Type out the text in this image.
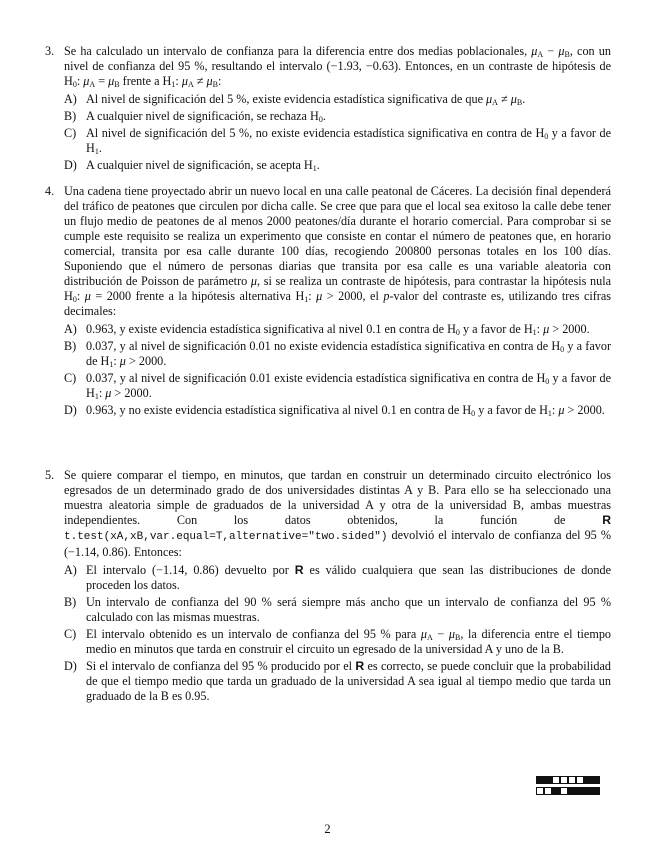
3. Se ha calculado un intervalo de confianza para la diferencia entre dos medias poblacionales, $\mu_A - \mu_B$, con un nivel de confianza del 95 %, resultando el intervalo (−1.93, −0.63). Entonces, en un contraste de hipótesis de $H_0$: $\mu_A = \mu_B$ frente a $H_1$: $\mu_A \ne \mu_B$:
A) Al nivel de significación del 5 %, existe evidencia estadística significativa de que $\mu_A \ne \mu_B$.
B) A cualquier nivel de significación, se rechaza $H_0$.
C) Al nivel de significación del 5 %, no existe evidencia estadística significativa en contra de $H_0$ y a favor de $H_1$.
D) A cualquier nivel de significación, se acepta $H_1$.
4. Una cadena tiene proyectado abrir un nuevo local en una calle peatonal de Cáceres. La decisión final dependerá del tráfico de peatones que circulen por dicha calle. Se cree que para que el local sea exitoso la calle debe tener un flujo medio de peatones de al menos 2000 peatones/día durante el horario comercial. Para comprobar si se cumple este requisito se realiza un experimento que consiste en contar el número de peatones que, en horario comercial, transita por esa calle durante 100 días, recogiendo 200800 personas totales en los 100 días. Suponiendo que el número de personas diarias que transita por esa calle es una variable aleatoria con distribución de Poisson de parámetro μ, si se realiza un contraste de hipótesis, para contrastar la hipótesis nula $H_0$: μ = 2000 frente a la hipótesis alternativa $H_1$: μ > 2000, el p-valor del contraste es, utilizando tres cifras decimales:
A) 0.963, y existe evidencia estadística significativa al nivel 0.1 en contra de $H_0$ y a favor de $H_1$: μ > 2000.
B) 0.037, y al nivel de significación 0.01 no existe evidencia estadística significativa en contra de $H_0$ y a favor de $H_1$: μ > 2000.
C) 0.037, y al nivel de significación 0.01 existe evidencia estadística significativa en contra de $H_0$ y a favor de $H_1$: μ > 2000.
D) 0.963, y no existe evidencia estadística significativa al nivel 0.1 en contra de $H_0$ y a favor de $H_1$: μ > 2000.
5. Se quiere comparar el tiempo, en minutos, que tardan en construir un determinado circuito electrónico los egresados de un determinado grado de dos universidades distintas A y B. Para ello se ha seleccionado una muestra aleatoria simple de graduados de la universidad A y otra de la universidad B, ambas muestras independientes. Con los datos obtenidos, la función de R t.test(xA,xB,var.equal=T,alternative="two.sided") devolvió el intervalo de confianza del 95 % (−1.14, 0.86). Entonces:
A) El intervalo (−1.14, 0.86) devuelto por R es válido cualquiera que sean las distribuciones de donde proceden los datos.
B) Un intervalo de confianza del 90 % será siempre más ancho que un intervalo de confianza del 95 % calculado con las mismas muestras.
C) El intervalo obtenido es un intervalo de confianza del 95 % para $\mu_A - \mu_B$, la diferencia entre el tiempo medio en minutos que tarda en construir el circuito un egresado de la universidad A y uno de la B.
D) Si el intervalo de confianza del 95 % producido por el R es correcto, se puede concluir que la probabilidad de que el tiempo medio que tarda un graduado de la universidad A sea igual al tiempo medio que tarda un graduado de la B es 0.95.
2
